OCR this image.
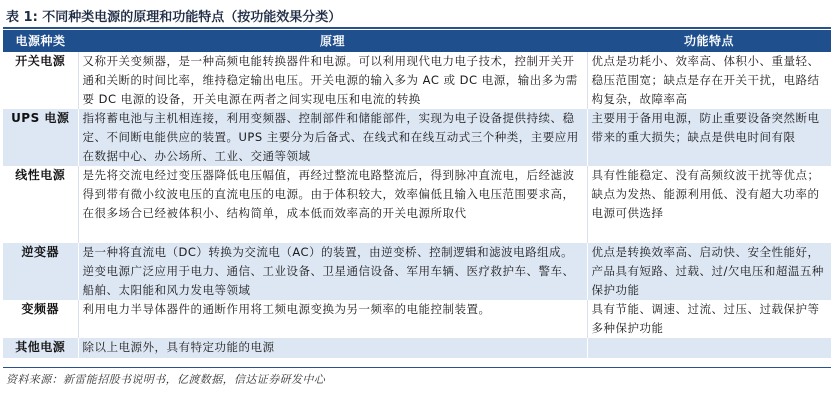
表 1: 不同种类电源的原理和功能特点（按功能效果分类）
电源种类	原理	功能特点
开关电源	又称开关变频器，是一种高频电能转换器件和电源。可以利用现代电力电子技术，控制开关开通和关断的时间比率，维持稳定输出电压。开关电源的输入多为 AC 或 DC 电源，输出多为需要 DC 电源的设备，开关电源在两者之间实现电压和电流的转换	优点是功耗小、效率高、体积小、重量轻、稳压范围宽；缺点是存在开关干扰，电路结构复杂，故障率高
UPS 电源	指将蓄电池与主机相连接，利用变频器、控制部件和储能部件，实现为电子设备提供持续、稳定、不间断电能供应的装置。UPS 主要分为后备式、在线式和在线互动式三个种类，主要应用在数据中心、办公场所、工业、交通等领域	主要用于备用电源，防止重要设备突然断电带来的重大损失；缺点是供电时间有限
线性电源	是先将交流电经过变压器降低电压幅值，再经过整流电路整流后，得到脉冲直流电，后经滤波得到带有微小纹波电压的直流电压的电源。由于体积较大，效率偏低且输入电压范围要求高，在很多场合已经被体积小、结构简单，成本低而效率高的开关电源所取代	具有性能稳定、没有高频纹波干扰等优点；缺点为发热、能源利用低、没有超大功率的电源可供选择
逆变器	是一种将直流电（DC）转换为交流电（AC）的装置，由逆变桥、控制逻辑和滤波电路组成。逆变电源广泛应用于电力、通信、工业设备、卫星通信设备、军用车辆、医疗救护车、警车、船舶、太阳能和风力发电等领域	优点是转换效率高、启动快、安全性能好，产品具有短路、过载、过/欠电压和超温五种保护功能
变频器	利用电力半导体器件的通断作用将工频电源变换为另一频率的电能控制装置。	具有节能、调速、过流、过压、过载保护等多种保护功能
其他电源	除以上电源外，具有特定功能的电源	
资料来源：新雷能招股书说明书，亿渡数据，信达证券研发中心
